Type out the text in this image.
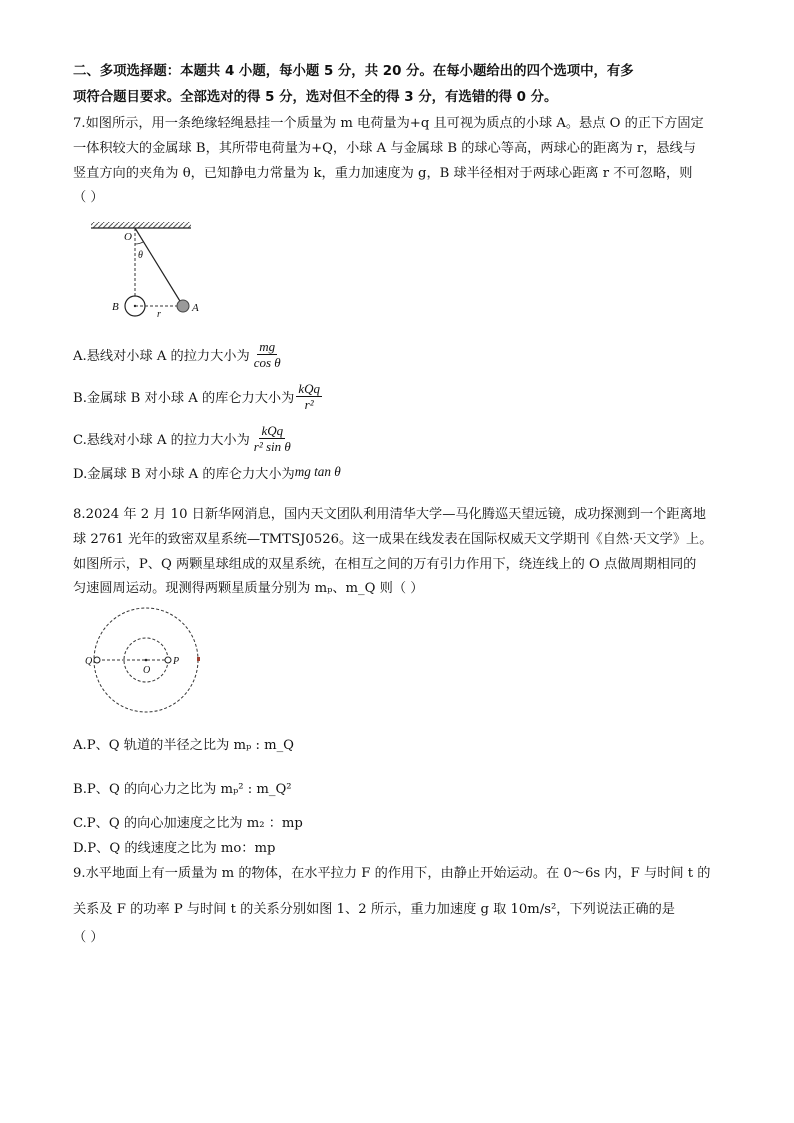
二、多项选择题：本题共 4 小题，每小题 5 分，共 20 分。在每小题给出的四个选项中，有多
项符合题目要求。全部选对的得 5 分，选对但不全的得 3 分，有选错的得 0 分。
7.如图所示，用一条绝缘轻绳悬挂一个质量为 m 电荷量为+q 且可视为质点的小球 A。悬点 O 的正下方固定
一体积较大的金属球 B，其所带电荷量为+Q，小球 A 与金属球 B 的球心等高，两球心的距离为 r，悬线与
竖直方向的夹角为 θ，已知静电力常量为 k，重力加速度为 g，B 球半径相对于两球心距离 r 不可忽略，则
（ ）
O
θ
B	A
r
A.悬线对小球 A 的拉力大小为 $\frac{mg}{\text{cos θ}}$
B.金属球 B 对小球 A 的库仑力大小为 $\frac{\text{kQq}}{\text{r²}}$
C.悬线对小球 A 的拉力大小为 $\frac{\text{kQq}}{\text{r² sin θ}}$
D.金属球 B 对小球 A 的库仑力大小为 mg tan θ
8.2024 年 2 月 10 日新华网消息，国内天文团队利用清华大学—马化腾巡天望远镜，成功探测到一个距离地
球 2761 光年的致密双星系统—TMTSJ0526。这一成果在线发表在国际权威天文学期刊《自然·天文学》上。
如图所示，P、Q 两颗星球组成的双星系统，在相互之间的万有引力作用下，绕连线上的 O 点做周期相同的
匀速圆周运动。现测得两颗星质量分别为 mₚ、m_Q 则（ ）
Q
O
P
A.P、Q 轨道的半径之比为 mₚ : m_Q
B.P、Q 的向心力之比为 mₚ² : m_Q²
C.P、Q 的向心加速度之比为 m₂ ：mp
D.P、Q 的线速度之比为 mo：mp
9.水平地面上有一质量为 m 的物体，在水平拉力 F 的作用下，由静止开始运动。在 0～6s 内，F 与时间 t 的
关系及 F 的功率 P 与时间 t 的关系分别如图 1、2 所示，重力加速度 g 取 10m/s²，下列说法正确的是
（ ）
